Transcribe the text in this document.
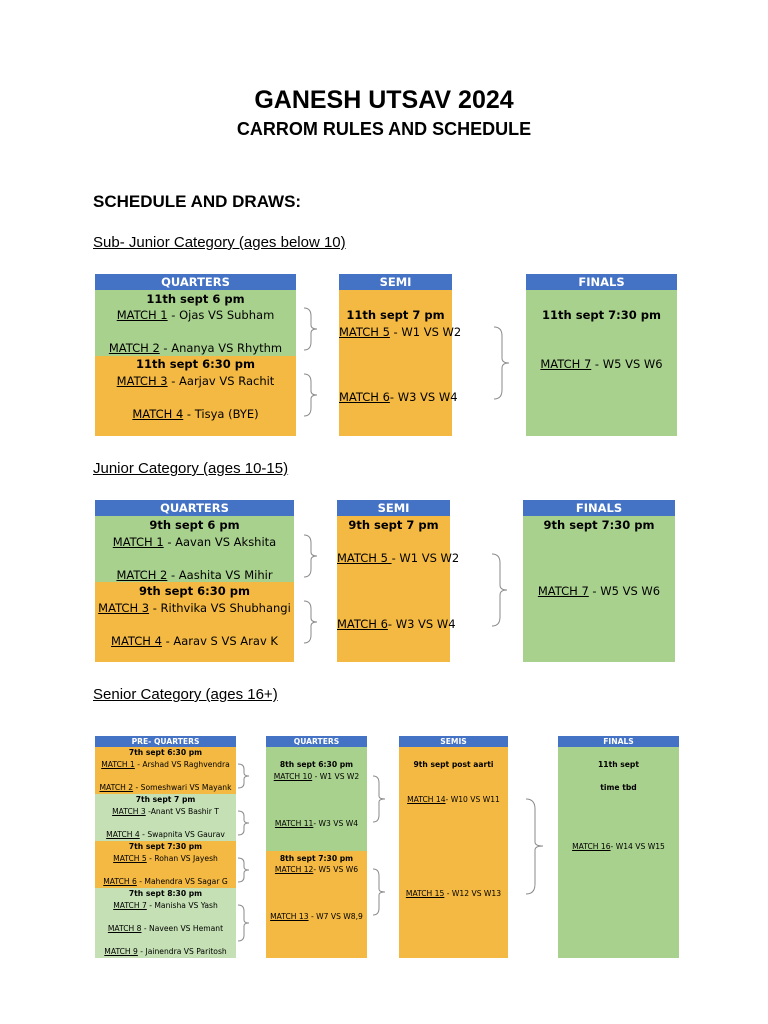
GANESH UTSAV 2024
CARROM RULES AND SCHEDULE
SCHEDULE AND DRAWS:
Sub- Junior Category (ages below 10)
QUARTERS
11th sept 6 pm
MATCH 1 - Ojas VS Subham
MATCH 2 - Ananya VS Rhythm
11th sept 6:30 pm
MATCH 3 - Aarjav VS Rachit
MATCH 4 - Tisya (BYE)
SEMI
11th sept 7 pm
MATCH 5 - W1 VS W2
MATCH 6- W3 VS W4
FINALS
11th sept 7:30 pm
MATCH 7 - W5 VS W6
Junior Category (ages 10-15)
QUARTERS
9th sept 6 pm
MATCH 1 - Aavan VS Akshita
MATCH 2 - Aashita VS Mihir
9th sept 6:30 pm
MATCH 3 - Rithvika VS Shubhangi
MATCH 4 - Aarav S VS Arav K
SEMI
9th sept 7 pm
MATCH 5 - W1 VS W2
MATCH 6- W3 VS W4
FINALS
9th sept 7:30 pm
MATCH 7 - W5 VS W6
Senior Category (ages 16+)
PRE- QUARTERS
7th sept 6:30 pm
MATCH 1 - Arshad VS Raghvendra
MATCH 2 - Someshwari VS Mayank
7th sept 7 pm
MATCH 3 -Anant VS Bashir T
MATCH 4 - Swapnita VS Gaurav
7th sept 7:30 pm
MATCH 5 - Rohan VS Jayesh
MATCH 6 - Mahendra VS Sagar G
7th sept 8:30 pm
MATCH 7 - Manisha VS Yash
MATCH 8 - Naveen VS Hemant
MATCH 9 - Jainendra VS Paritosh
QUARTERS
8th sept 6:30 pm
MATCH 10 - W1 VS W2
MATCH 11- W3 VS W4
8th sept 7:30 pm
MATCH 12- W5 VS W6
MATCH 13 - W7 VS W8,9
SEMIS
9th sept post aarti
MATCH 14- W10 VS W11
MATCH 15 - W12 VS W13
FINALS
11th sept
time tbd
MATCH 16- W14 VS W15
